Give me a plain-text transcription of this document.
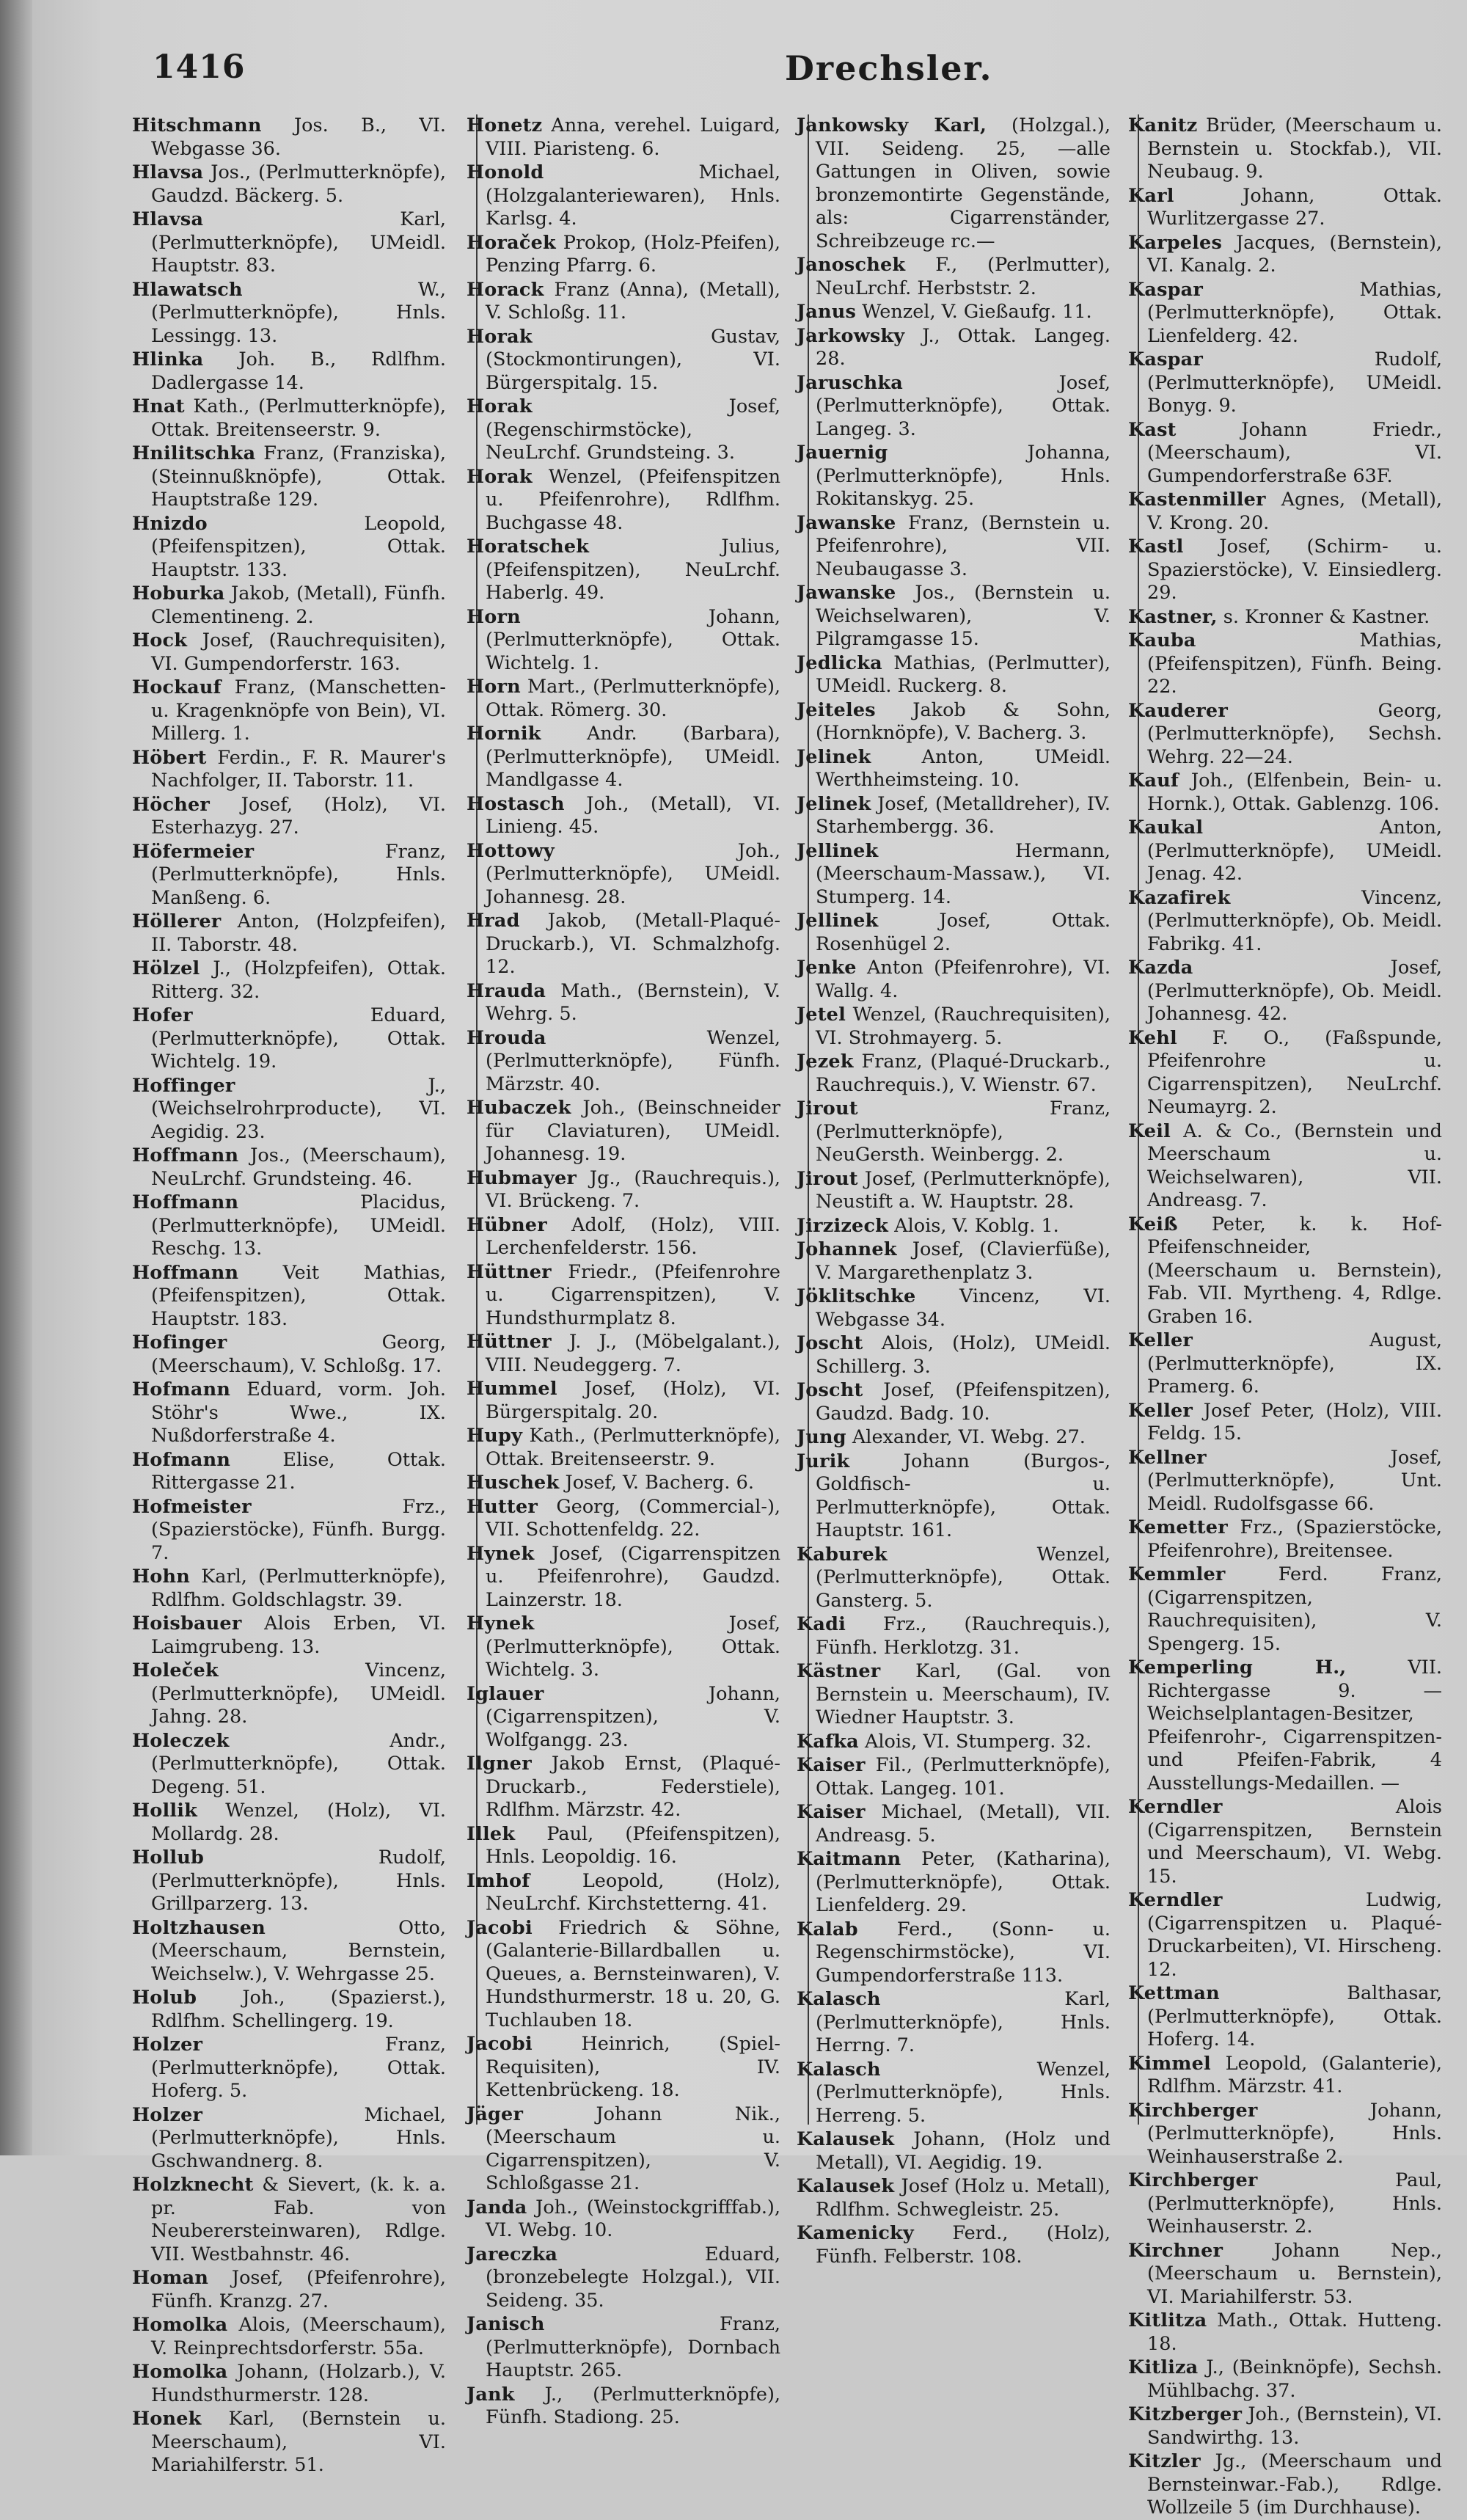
1416	Drechsler.

Hitschmann Jos. B., VI. Webgasse 36.

Hlavsa Jos., (Perlmutterknöpfe), Gaudzd. Bäckerg. 5.

Hlavsa	Karl, (Perlmutterknöpfe), UMeidl. Hauptstr. 83.

Hlawatsch	W., (Perlmutterknöpfe), Hnls. Lessingg. 13.

Hlinka Joh. B., Rdlfhm. Dadlergasse 14.

Hnat Kath., (Perlmutterknöpfe), Ottak. Breitenseerstr. 9.

Hnilitschka Franz, (Franziska), (Steinnußknöpfe), Ottak. Hauptstraße 129.

Hnizdo	Leopold, (Pfeifenspitzen), Ottak. Hauptstr. 133.

Hoburka Jakob, (Metall), Fünfh. Clementineng. 2.

Hock Josef, (Rauchrequisiten), VI. Gumpendorferstr. 163.

Hockauf Franz, (Manschetten- u. Kragenknöpfe von Bein), VI. Millerg. 1.

Höbert Ferdin., F. R. Maurer's Nachfolger, II. Taborstr. 11.

Höcher Josef, (Holz), VI. Esterhazyg. 27.

Höfermeier	Franz, (Perlmutterknöpfe), Hnls. Manßeng. 6.

Höllerer Anton, (Holzpfeifen), II. Taborstr. 48.

Hölzel J., (Holzpfeifen), Ottak. Ritterg. 32.

Hofer	Eduard, (Perlmutterknöpfe), Ottak. Wichtelg. 19.

Hoffinger	J., (Weichselrohrproducte), VI. Aegidig. 23.

Hoffmann Jos., (Meerschaum), NeuLrchf. Grundsteing. 46.

Hoffmann	Placidus, (Perlmutterknöpfe), UMeidl. Reschg. 13.

Hoffmann Veit Mathias, (Pfeifenspitzen), Ottak. Hauptstr. 183.

Hofinger	Georg, (Meerschaum), V. Schloßg. 17.

Hofmann Eduard, vorm. Joh. Stöhr's Wwe., IX. Nußdorferstraße 4.

Hofmann	Elise, Ottak. Rittergasse 21.

Hofmeister	Frz., (Spazierstöcke), Fünfh. Burgg. 7.

Hohn Karl, (Perlmutterknöpfe), Rdlfhm. Goldschlagstr. 39.

Hoisbauer Alois Erben, VI. Laimgrubeng. 13.

Holeček	Vincenz, (Perlmutterknöpfe), UMeidl. Jahng. 28.

Holeczek	Andr., (Perlmutterknöpfe), Ottak. Degeng. 51.

Hollik Wenzel, (Holz), VI. Mollardg. 28.

Hollub	Rudolf, (Perlmutterknöpfe), Hnls. Grillparzerg. 13.

Holtzhausen	Otto, (Meerschaum, Bernstein, Weichselw.), V. Wehrgasse 25.

Holub Joh., (Spazierst.), Rdlfhm. Schellingerg. 19.

Holzer	Franz, (Perlmutterknöpfe), Ottak. Hoferg. 5.

Holzer	Michael, (Perlmutterknöpfe), Hnls. Gschwandnerg. 8.

Holzknecht & Sievert, (k. k. a. pr. Fab. von Neuberersteinwaren), Rdlge. VII. Westbahnstr. 46.

Homan Josef, (Pfeifenrohre), Fünfh. Kranzg. 27.

Homolka Alois, (Meerschaum), V. Reinprechtsdorferstr. 55a.

Homolka Johann, (Holzarb.), V. Hundsthurmerstr. 128.

Honek Karl, (Bernstein u. Meerschaum), VI. Mariahilferstr. 51.

Honetz Anna, verehel. Luigard, VIII. Piaristeng. 6.

Honold	Michael, (Holzgalanteriewaren), Hnls. Karlsg. 4.

Horaček Prokop, (Holz-Pfeifen), Penzing Pfarrg. 6.

Horack Franz (Anna), (Metall), V. Schloßg. 11.

Horak	Gustav, (Stockmontirungen), VI. Bürgerspitalg. 15.

Horak	Josef, (Regenschirmstöcke), NeuLrchf. Grundsteing. 3.

Horak Wenzel, (Pfeifenspitzen u. Pfeifenrohre), Rdlfhm. Buchgasse 48.

Horatschek	Julius, (Pfeifenspitzen), NeuLrchf. Haberlg. 49.

Horn	Johann, (Perlmutterknöpfe), Ottak. Wichtelg. 1.

Horn Mart., (Perlmutterknöpfe), Ottak. Römerg. 30.

Hornik Andr. (Barbara), (Perlmutterknöpfe), UMeidl. Mandlgasse 4.

Hostasch Joh., (Metall), VI. Linieng. 45.

Hottowy	Joh., (Perlmutterknöpfe), UMeidl. Johannesg. 28.

Hrad Jakob, (Metall-Plaqué-Druckarb.), VI. Schmalzhofg. 12.

Hrauda Math., (Bernstein), V. Wehrg. 5.

Hrouda	Wenzel, (Perlmutterknöpfe), Fünfh. Märzstr. 40.

Hubaczek Joh., (Beinschneider für Claviaturen), UMeidl. Johannesg. 19.

Hubmayer Jg., (Rauchrequis.), VI. Brückeng. 7.

Hübner Adolf, (Holz), VIII. Lerchenfelderstr. 156.

Hüttner Friedr., (Pfeifenrohre u. Cigarrenspitzen), V. Hundsthurmplatz 8.

Hüttner J. J., (Möbelgalant.), VIII. Neudeggerg. 7.

Hummel Josef, (Holz), VI. Bürgerspitalg. 20.

Hupy Kath., (Perlmutterknöpfe), Ottak. Breitenseerstr. 9.

Huschek Josef, V. Bacherg. 6.

Hutter Georg, (Commercial-), VII. Schottenfeldg. 22.

Hynek Josef, (Cigarrenspitzen u. Pfeifenrohre), Gaudzd. Lainzerstr. 18.

Hynek	Josef, (Perlmutterknöpfe), Ottak. Wichtelg. 3.

Iglauer	Johann, (Cigarrenspitzen), V. Wolfgangg. 23.

Ilgner Jakob Ernst, (Plaqué-Druckarb., Federstiele), Rdlfhm. Märzstr. 42.

Illek Paul, (Pfeifenspitzen), Hnls. Leopoldig. 16.

Imhof	Leopold, (Holz), NeuLrchf. Kirchstetterng. 41.

Jacobi Friedrich & Söhne, (Galanterie-Billardballen u. Queues, a. Bernsteinwaren), V. Hundsthurmerstr. 18 u. 20, G. Tuchlauben 18.

Jacobi	Heinrich, (Spiel-Requisiten), IV. Kettenbrückeng. 18.

Jäger	Johann Nik., (Meerschaum u. Cigarrenspitzen), V. Schloßgasse 21.

Janda Joh., (Weinstockgrifffab.), VI. Webg. 10.

Jareczka	Eduard, (bronzebelegte Holzgal.), VII. Seideng. 35.

Janisch	Franz, (Perlmutterknöpfe), Dornbach Hauptstr. 265.

Jank J., (Perlmutterknöpfe), Fünfh. Stadiong. 25.

Jankowsky Karl, (Holzgal.), VII. Seideng. 25, —alle Gattungen in Oliven, sowie bronzemontirte Gegenstände, als: Cigarrenständer, Schreibzeuge rc.—

Janoschek F., (Perlmutter), NeuLrchf. Herbststr. 2.

Janus Wenzel, V. Gießaufg. 11.

Jarkowsky J., Ottak. Langeg. 28.

Jaruschka	Josef, (Perlmutterknöpfe), Ottak. Langeg. 3.

Jauernig	Johanna, (Perlmutterknöpfe), Hnls. Rokitanskyg. 25.

Jawanske Franz, (Bernstein u. Pfeifenrohre), VII. Neubaugasse 3.

Jawanske Jos., (Bernstein u. Weichselwaren), V. Pilgramgasse 15.

Jedlicka Mathias, (Perlmutter), UMeidl. Ruckerg. 8.

Jeiteles Jakob & Sohn, (Hornknöpfe), V. Bacherg. 3.

Jelinek	Anton, UMeidl. Werthheimsteing. 10.

Jelinek Josef, (Metalldreher), IV. Starhembergg. 36.

Jellinek	Hermann, (Meerschaum-Massaw.), VI. Stumperg. 14.

Jellinek	Josef, Ottak. Rosenhügel 2.

Jenke Anton (Pfeifenrohre), VI. Wallg. 4.

Jetel Wenzel, (Rauchrequisiten), VI. Strohmayerg. 5.

Jezek Franz, (Plaqué-Druckarb., Rauchrequis.), V. Wienstr. 67.

Jirout	Franz, (Perlmutterknöpfe), NeuGersth. Weinbergg. 2.

Jirout Josef, (Perlmutterknöpfe), Neustift a. W. Hauptstr. 28.

Jirzizeck Alois, V. Koblg. 1.

Johannek Josef, (Clavierfüße), V. Margarethenplatz 3.

Jöklitschke Vincenz, VI. Webgasse 34.

Joscht Alois, (Holz), UMeidl. Schillerg. 3.

Joscht Josef, (Pfeifenspitzen), Gaudzd. Badg. 10.

Jung Alexander, VI. Webg. 27.

Jurik	Johann (Burgos-, Goldfisch- u. Perlmutterknöpfe), Ottak. Hauptstr. 161.

Kaburek	Wenzel, (Perlmutterknöpfe), Ottak. Gansterg. 5.

Kadi Frz., (Rauchrequis.), Fünfh. Herklotzg. 31.

Kästner Karl, (Gal. von Bernstein u. Meerschaum), IV. Wiedner Hauptstr. 3.

Kafka Alois, VI. Stumperg. 32.

Kaiser Fil., (Perlmutterknöpfe), Ottak. Langeg. 101.

Kaiser Michael, (Metall), VII. Andreasg. 5.

Kaitmann Peter, (Katharina), (Perlmutterknöpfe), Ottak. Lienfelderg. 29.

Kalab Ferd., (Sonn- u. Regenschirmstöcke), VI. Gumpendorferstraße 113.

Kalasch	Karl, (Perlmutterknöpfe), Hnls. Herrng. 7.

Kalasch	Wenzel, (Perlmutterknöpfe), Hnls. Herreng. 5.

Kalausek Johann, (Holz und Metall), VI. Aegidig. 19.

Kalausek Josef (Holz u. Metall), Rdlfhm. Schwegleistr. 25.

Kamenicky Ferd., (Holz), Fünfh. Felberstr. 108.

Kanitz Brüder, (Meerschaum u. Bernstein u. Stockfab.), VII. Neubaug. 9.

Karl	Johann, Ottak. Wurlitzergasse 27.

Karpeles Jacques, (Bernstein), VI. Kanalg. 2.

Kaspar	Mathias, (Perlmutterknöpfe), Ottak. Lienfelderg. 42.

Kaspar	Rudolf, (Perlmutterknöpfe), UMeidl. Bonyg. 9.

Kast	Johann Friedr., (Meerschaum), VI. Gumpendorferstraße 63F.

Kastenmiller Agnes, (Metall), V. Krong. 20.

Kastl Josef, (Schirm- u. Spazierstöcke), V. Einsiedlerg. 29.

Kastner, s. Kronner & Kastner.

Kauba	Mathias, (Pfeifenspitzen), Fünfh. Being. 22.

Kauderer	Georg, (Perlmutterknöpfe), Sechsh. Wehrg. 22—24.

Kauf Joh., (Elfenbein, Bein- u. Hornk.), Ottak. Gablenzg. 106.

Kaukal	Anton, (Perlmutterknöpfe), UMeidl. Jenag. 42.

Kazafirek	Vincenz, (Perlmutterknöpfe), Ob. Meidl. Fabrikg. 41.

Kazda	Josef, (Perlmutterknöpfe), Ob. Meidl. Johannesg. 42.

Kehl F. O., (Faßspunde, Pfeifenrohre u. Cigarrenspitzen), NeuLrchf. Neumayrg. 2.

Keil A. & Co., (Bernstein und Meerschaum u. Weichselwaren), VII. Andreasg. 7.

Keiß Peter, k. k. Hof-Pfeifenschneider, (Meerschaum u. Bernstein), Fab. VII. Myrtheng. 4, Rdlge. Graben 16.

Keller	August, (Perlmutterknöpfe), IX. Pramerg. 6.

Keller Josef Peter, (Holz), VIII. Feldg. 15.

Kellner	Josef, (Perlmutterknöpfe), Unt. Meidl. Rudolfsgasse 66.

Kemetter Frz., (Spazierstöcke, Pfeifenrohre), Breitensee.

Kemmler	Ferd. Franz, (Cigarrenspitzen, Rauchrequisiten), V. Spengerg. 15.

Kemperling H.,	VII. Richtergasse 9. — Weichselplantagen-Besitzer, Pfeifenrohr-, Cigarrenspitzen- und Pfeifen-Fabrik, 4 Ausstellungs-Medaillen. —

Kerndler	Alois (Cigarrenspitzen, Bernstein und Meerschaum), VI. Webg. 15.

Kerndler	Ludwig, (Cigarrenspitzen u. Plaqué-Druckarbeiten), VI. Hirscheng. 12.

Kettman	Balthasar, (Perlmutterknöpfe), Ottak. Hoferg. 14.

Kimmel Leopold, (Galanterie), Rdlfhm. Märzstr. 41.

Kirchberger	Johann, (Perlmutterknöpfe), Hnls. Weinhauserstraße 2.

Kirchberger	Paul, (Perlmutterknöpfe), Hnls. Weinhauserstr. 2.

Kirchner	Johann Nep., (Meerschaum u. Bernstein), VI. Mariahilferstr. 53.

Kitlitza Math., Ottak. Hutteng. 18.

Kitliza J., (Beinknöpfe), Sechsh. Mühlbachg. 37.

Kitzberger Joh., (Bernstein), VI. Sandwirthg. 13.

Kitzler Jg., (Meerschaum und Bernsteinwar.-Fab.), Rdlge. Wollzeile 5 (im Durchhause).
